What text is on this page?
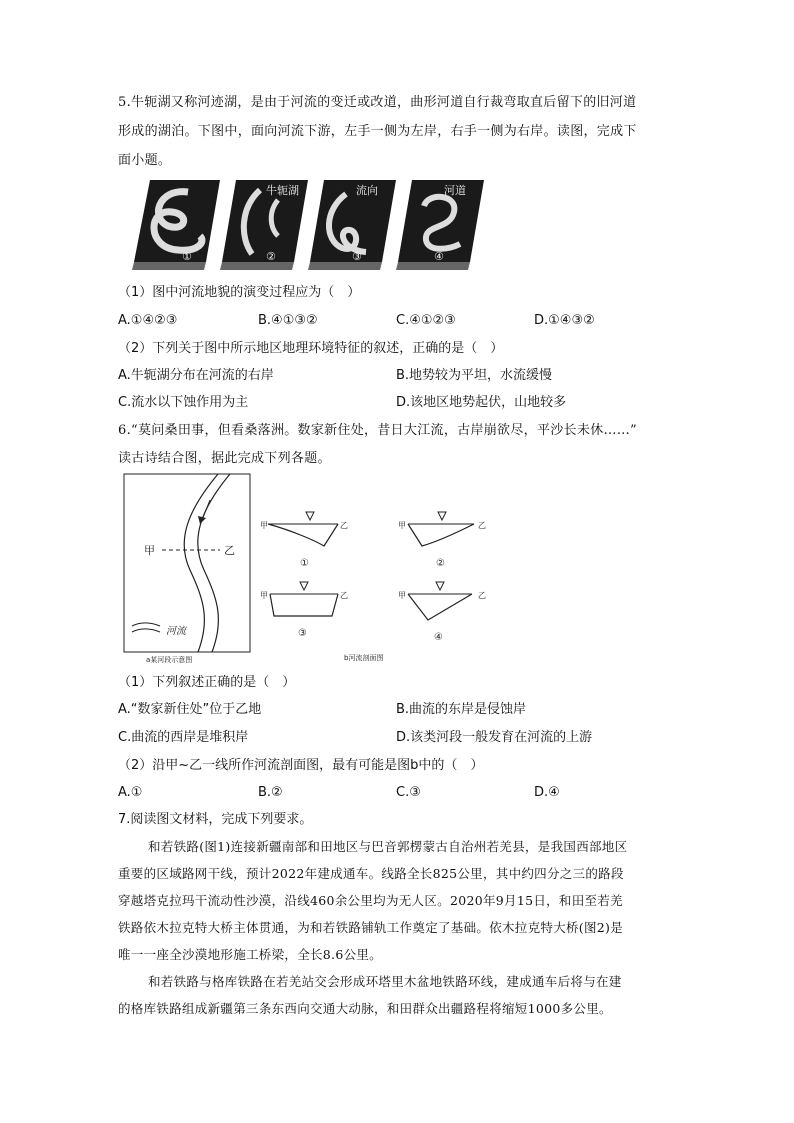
5.牛轭湖又称河迹湖，是由于河流的变迁或改道，曲形河道自行裁弯取直后留下的旧河道
形成的湖泊。下图中，面向河流下游，左手一侧为左岸，右手一侧为右岸。读图，完成下
面小题。
①
牛轭湖
②
流向
③
河道
④
（1）图中河流地貌的演变过程应为（　）
A.①④②③	B.④①③②	C.④①②③	D.①④③②
（2）下列关于图中所示地区地理环境特征的叙述，正确的是（　）
A.牛轭湖分布在河流的右岸	B.地势较为平坦，水流缓慢
C.流水以下蚀作用为主	D.该地区地势起伏，山地较多
6.“莫问桑田事，但看桑落洲。数家新住处，昔日大江流，古岸崩欲尽，平沙长未休……”
读古诗结合图，据此完成下列各题。
甲	乙
河流
a某河段示意图
甲	乙
①
甲	乙
②
甲	乙
③
甲	乙
④
b河流剖面图
（1）下列叙述正确的是（　）
A.“数家新住处”位于乙地	B.曲流的东岸是侵蚀岸
C.曲流的西岸是堆积岸	D.该类河段一般发育在河流的上游
（2）沿甲~乙一线所作河流剖面图，最有可能是图b中的（　）
A.①	B.②	C.③	D.④
7.阅读图文材料，完成下列要求。
和若铁路(图1)连接新疆南部和田地区与巴音郭楞蒙古自治州若羌县，是我国西部地区
重要的区域路网干线，预计2022年建成通车。线路全长825公里，其中约四分之三的路段
穿越塔克拉玛干流动性沙漠，沿线460余公里均为无人区。2020年9月15日，和田至若羌
铁路依木拉克特大桥主体贯通，为和若铁路铺轨工作奠定了基础。依木拉克特大桥(图2)是
唯一一座全沙漠地形施工桥梁，全长8.6公里。
和若铁路与格库铁路在若羌站交会形成环塔里木盆地铁路环线，建成通车后将与在建
的格库铁路组成新疆第三条东西向交通大动脉，和田群众出疆路程将缩短1000多公里。
